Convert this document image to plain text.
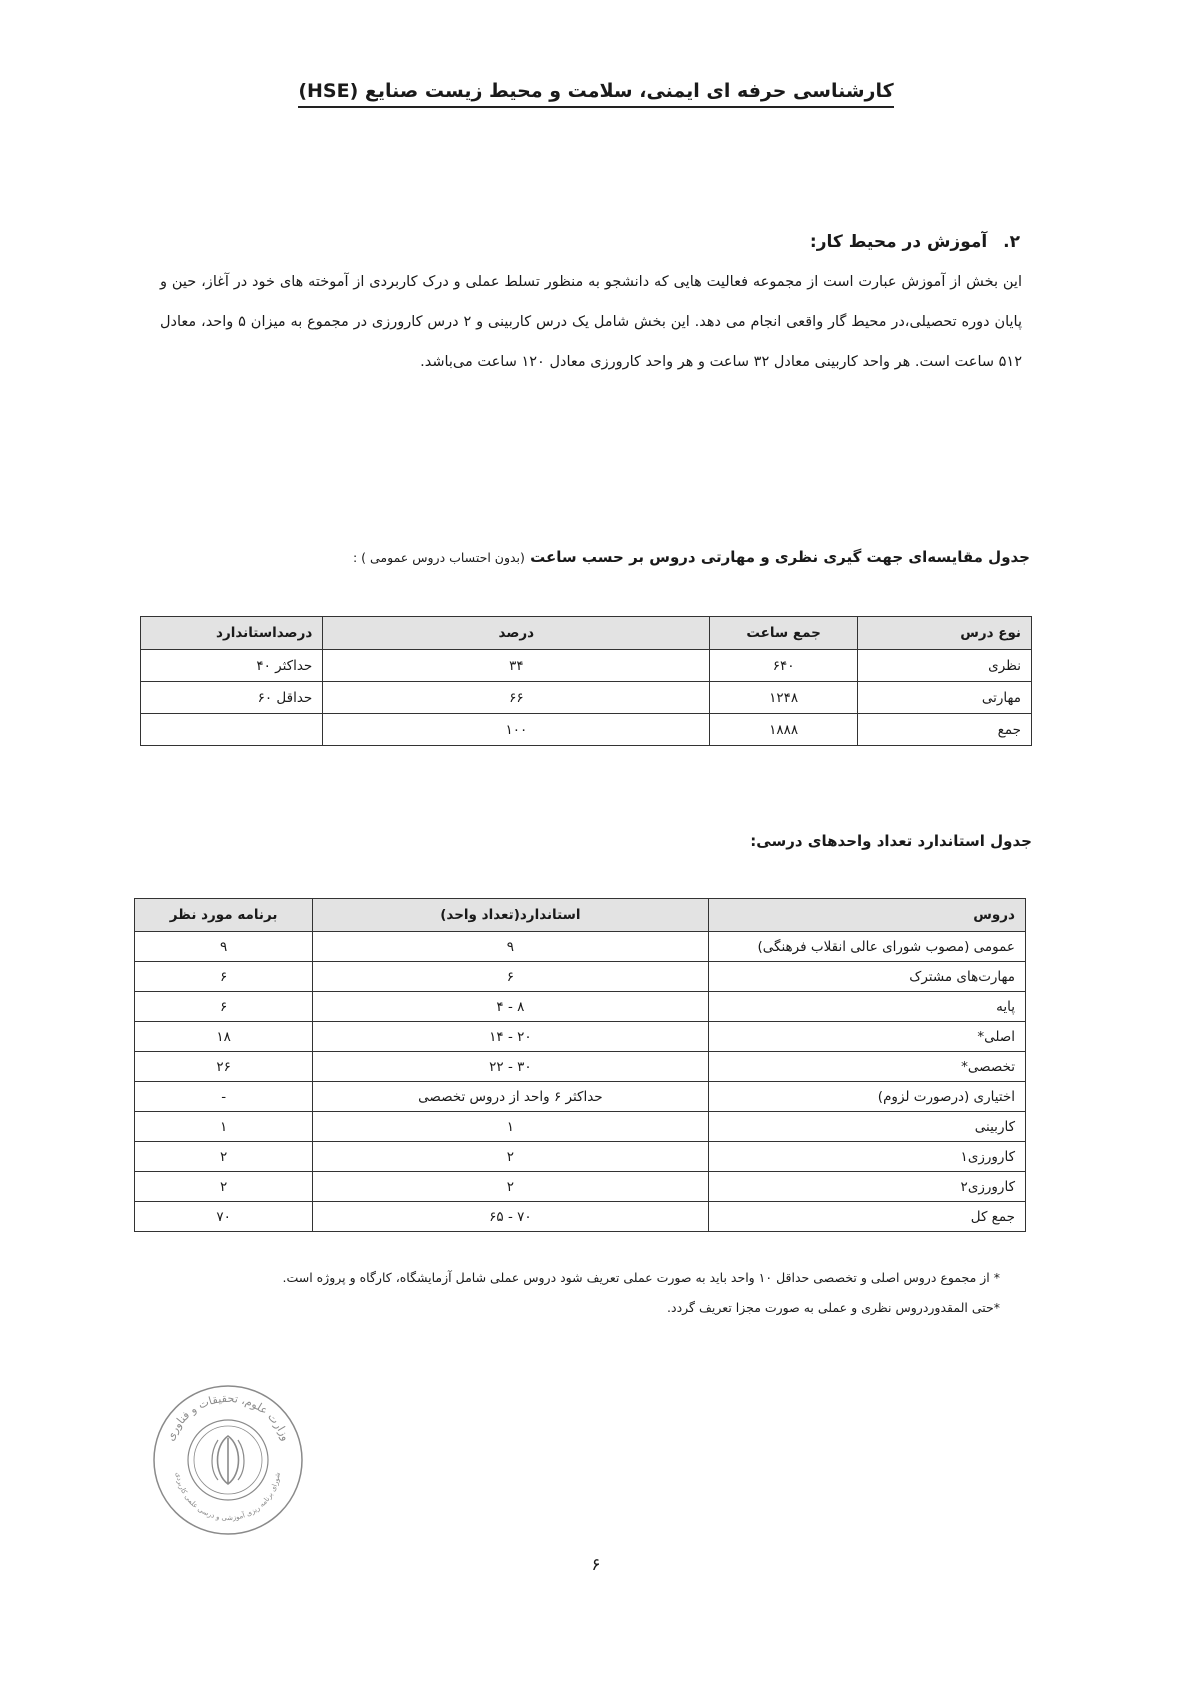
کارشناسی حرفه ای ایمنی، سلامت و محیط زیست صنایع (HSE)
۲. آموزش در محیط کار:
این بخش از آموزش عبارت است از مجموعه فعالیت هایی که دانشجو به منظور تسلط عملی و درک کاربردی از آموخته های خود در آغاز، حین و پایان دوره تحصیلی،در محیط گار واقعی انجام می دهد. این بخش شامل یک درس کاربینی و ۲ درس کارورزی در مجموع به میزان ۵ واحد، معادل ۵۱۲ ساعت است. هر واحد کاربینی معادل ۳۲ ساعت و هر واحد کارورزی معادل ۱۲۰ ساعت می‌باشد.
جدول مقایسه‌ای جهت گیری نظری و مهارتی دروس بر حسب ساعت (بدون احتساب دروس عمومی ) :
نوع درس	جمع ساعت	درصد	درصداستاندارد
نظری	۶۴۰	۳۴	حداکثر ۴۰
مهارتی	۱۲۴۸	۶۶	حداقل ۶۰
جمع	۱۸۸۸	۱۰۰	
جدول استاندارد تعداد واحدهای درسی:
دروس	استاندارد(تعداد واحد)	برنامه مورد نظر
عمومی (مصوب شورای عالی انقلاب فرهنگی)	۹	۹
مهارت‌های مشترک	۶	۶
پایه	۸ - ۴	۶
اصلی*	۲۰ - ۱۴	۱۸
تخصصی*	۳۰ - ۲۲	۲۶
اختیاری (درصورت لزوم)	حداکثر ۶ واحد از دروس تخصصی	-
کاربینی	۱	۱
کارورزی۱	۲	۲
کارورزی۲	۲	۲
جمع کل	۷۰ - ۶۵	۷۰
* از مجموع دروس اصلی و تخصصی حداقل ۱۰ واحد باید به صورت عملی تعریف شود دروس عملی شامل آزمایشگاه، کارگاه و پروژه است.
*حتی المقدوردروس نظری و عملی به صورت مجزا تعریف گردد.
وزارت علوم، تحقیقات و فناوری
شورای برنامه ریزی آموزشی و درسی علمی کاربردی
۶
